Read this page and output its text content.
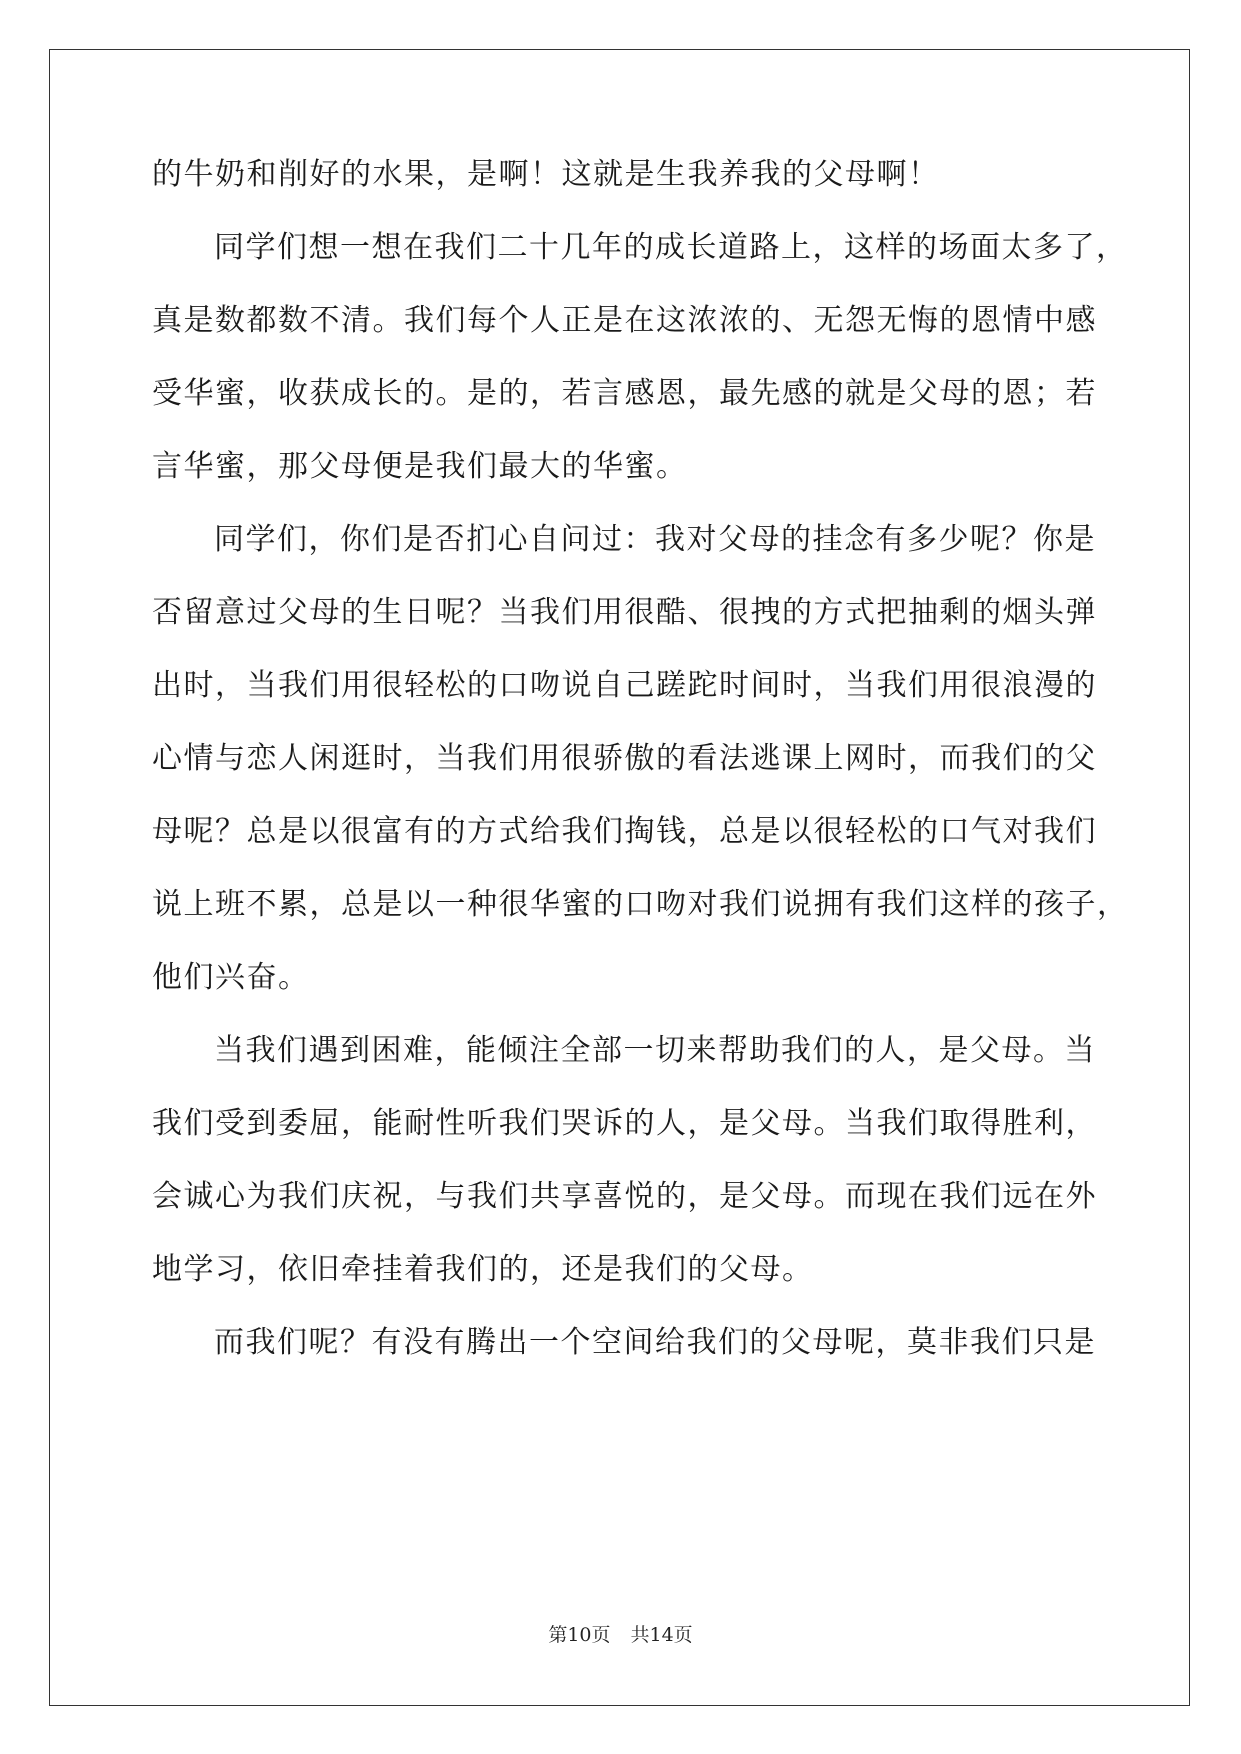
的牛奶和削好的水果，是啊！这就是生我养我的父母啊！
同学们想一想在我们二十几年的成长道路上，这样的场面太多了，
真是数都数不清。我们每个人正是在这浓浓的、无怨无悔的恩情中感
受华蜜，收获成长的。是的，若言感恩，最先感的就是父母的恩；若
言华蜜，那父母便是我们最大的华蜜。
同学们，你们是否扪心自问过：我对父母的挂念有多少呢？你是
否留意过父母的生日呢？当我们用很酷、很拽的方式把抽剩的烟头弹
出时，当我们用很轻松的口吻说自己蹉跎时间时，当我们用很浪漫的
心情与恋人闲逛时，当我们用很骄傲的看法逃课上网时，而我们的父
母呢？总是以很富有的方式给我们掏钱，总是以很轻松的口气对我们
说上班不累，总是以一种很华蜜的口吻对我们说拥有我们这样的孩子，
他们兴奋。
当我们遇到困难，能倾注全部一切来帮助我们的人，是父母。当
我们受到委屈，能耐性听我们哭诉的人，是父母。当我们取得胜利，
会诚心为我们庆祝，与我们共享喜悦的，是父母。而现在我们远在外
地学习，依旧牵挂着我们的，还是我们的父母。
而我们呢？有没有腾出一个空间给我们的父母呢，莫非我们只是
第10页 共14页
